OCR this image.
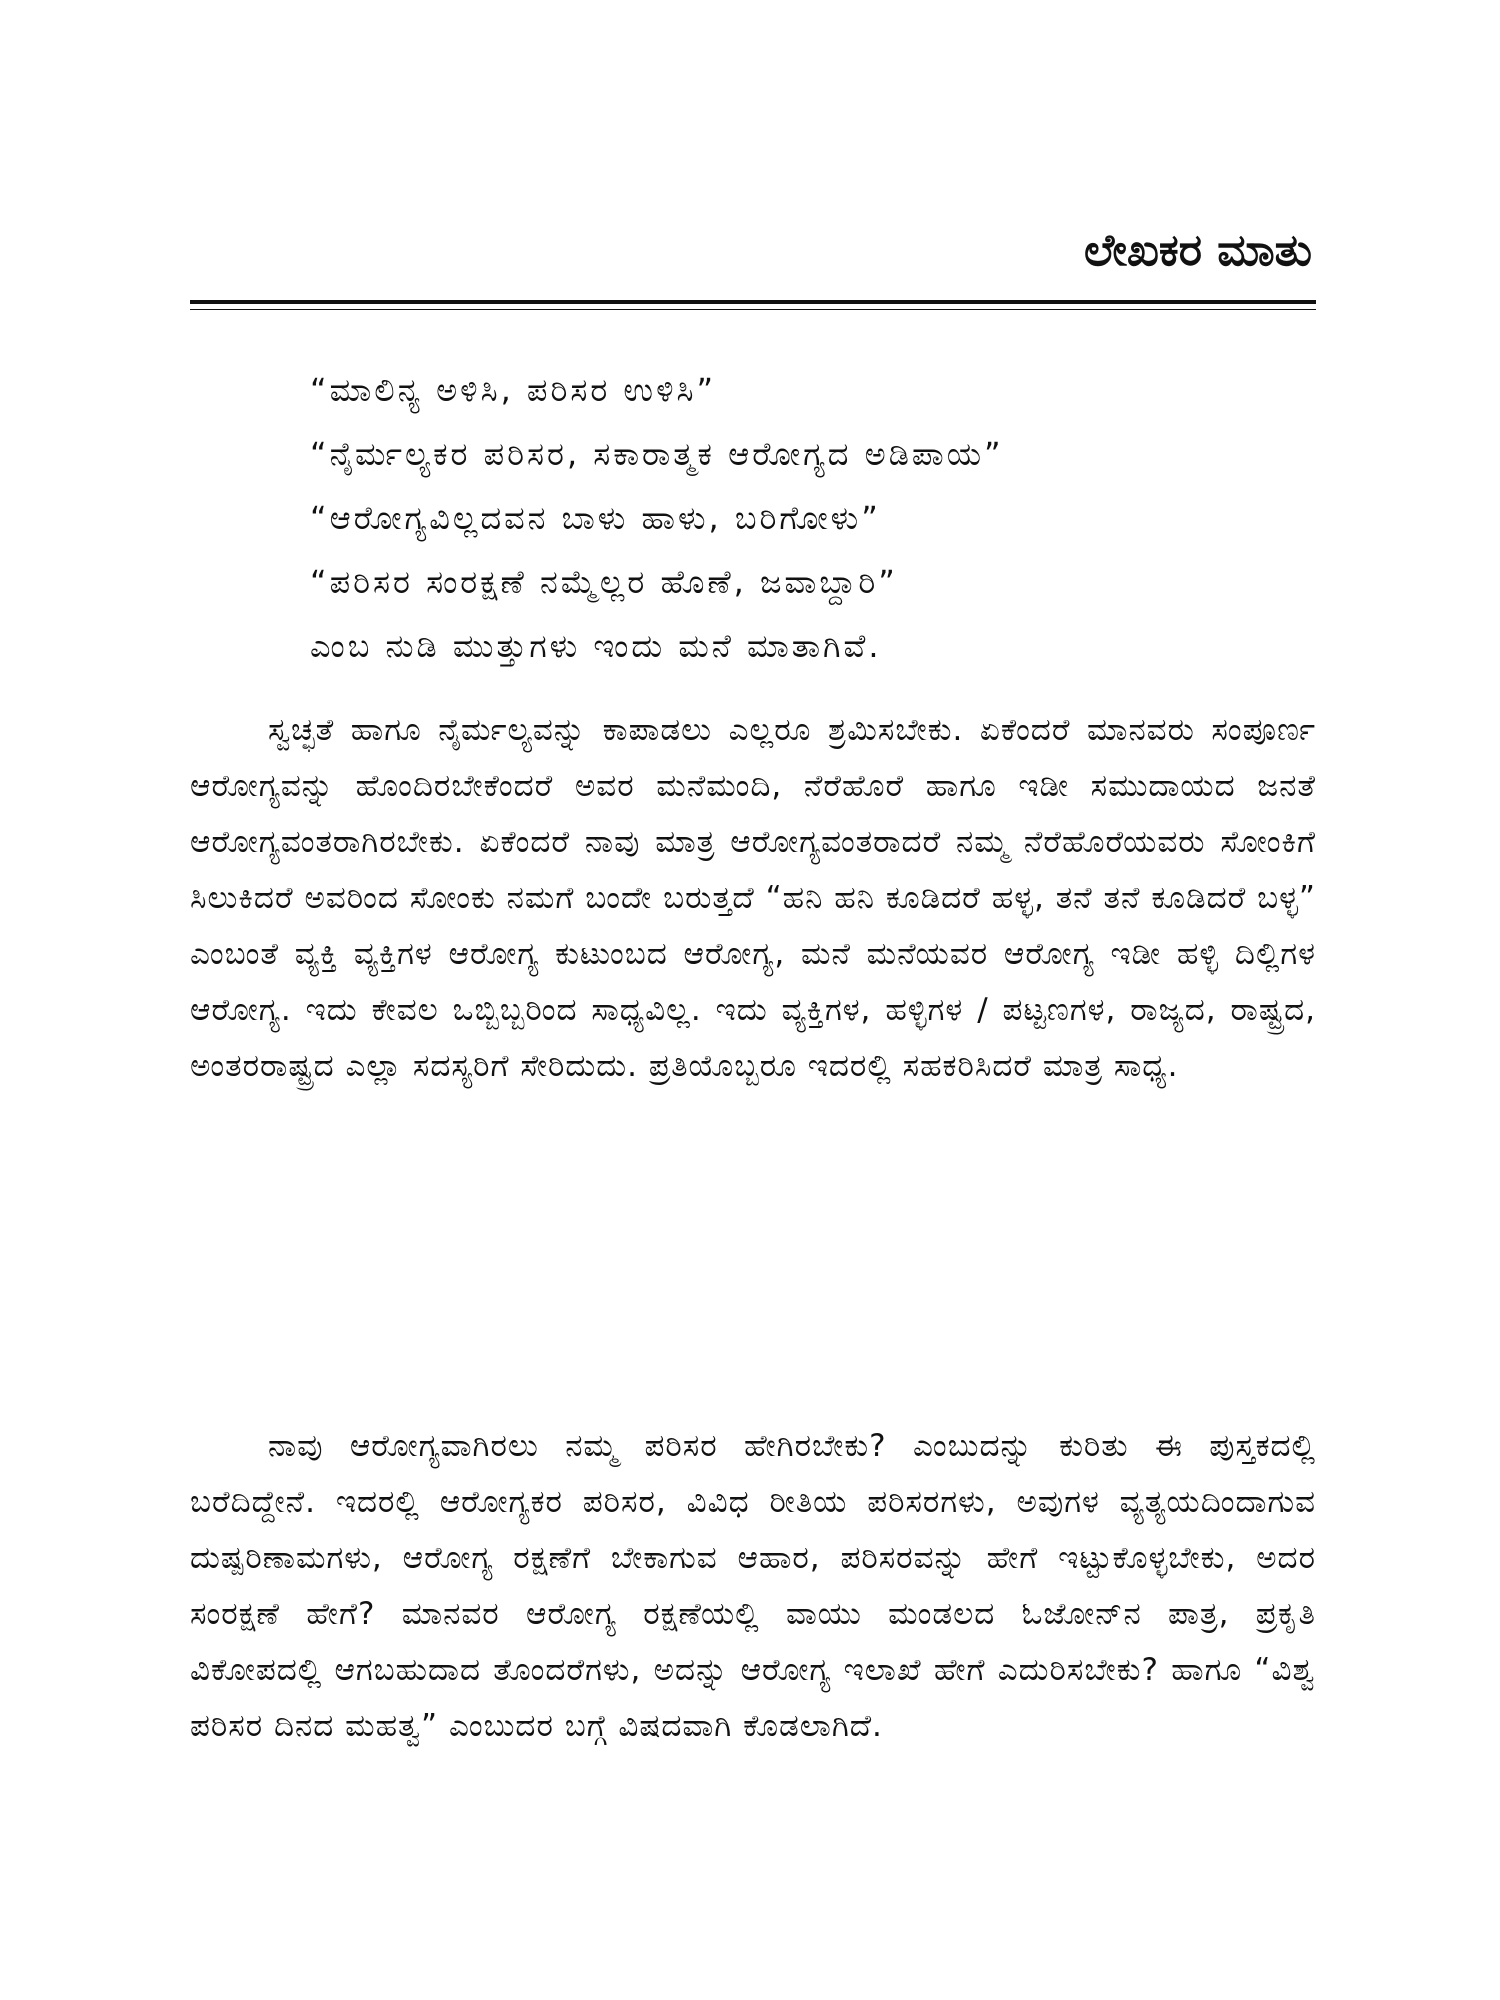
ಲೇಖಕರ ಮಾತು
“ಮಾಲಿನ್ಯ ಅಳಿಸಿ, ಪರಿಸರ ಉಳಿಸಿ”
“ನೈರ್ಮಲ್ಯಕರ ಪರಿಸರ, ಸಕಾರಾತ್ಮಕ ಆರೋಗ್ಯದ ಅಡಿಪಾಯ”
“ಆರೋಗ್ಯವಿಲ್ಲದವನ ಬಾಳು ಹಾಳು, ಬರಿಗೋಳು”
“ಪರಿಸರ ಸಂರಕ್ಷಣೆ ನಮ್ಮೆಲ್ಲರ ಹೊಣೆ, ಜವಾಬ್ದಾರಿ”
ಎಂಬ ನುಡಿ ಮುತ್ತುಗಳು ಇಂದು ಮನೆ ಮಾತಾಗಿವೆ.

ಸ್ವಚ್ಛತೆ ಹಾಗೂ ನೈರ್ಮಲ್ಯವನ್ನು ಕಾಪಾಡಲು ಎಲ್ಲರೂ ಶ್ರಮಿಸಬೇಕು. ಏಕೆಂದರೆ ಮಾನವರು ಸಂಪೂರ್ಣ ಆರೋಗ್ಯವನ್ನು ಹೊಂದಿರಬೇಕೆಂದರೆ ಅವರ ಮನೆಮಂದಿ, ನೆರೆಹೊರೆ ಹಾಗೂ ಇಡೀ ಸಮುದಾಯದ ಜನತೆ ಆರೋಗ್ಯವಂತರಾಗಿರಬೇಕು. ಏಕೆಂದರೆ ನಾವು ಮಾತ್ರ ಆರೋಗ್ಯವಂತರಾದರೆ ನಮ್ಮ ನೆರೆಹೊರೆಯವರು ಸೋಂಕಿಗೆ ಸಿಲುಕಿದರೆ ಅವರಿಂದ ಸೋಂಕು ನಮಗೆ ಬಂದೇ ಬರುತ್ತದೆ “ಹನಿ ಹನಿ ಕೂಡಿದರೆ ಹಳ್ಳ, ತನೆ ತನೆ ಕೂಡಿದರೆ ಬಳ್ಳ” ಎಂಬಂತೆ ವ್ಯಕ್ತಿ ವ್ಯಕ್ತಿಗಳ ಆರೋಗ್ಯ ಕುಟುಂಬದ ಆರೋಗ್ಯ, ಮನೆ ಮನೆಯವರ ಆರೋಗ್ಯ ಇಡೀ ಹಳ್ಳಿ ದಿಲ್ಲಿಗಳ ಆರೋಗ್ಯ. ಇದು ಕೇವಲ ಒಬ್ಬಿಬ್ಬರಿಂದ ಸಾಧ್ಯವಿಲ್ಲ. ಇದು ವ್ಯಕ್ತಿಗಳ, ಹಳ್ಳಿಗಳ / ಪಟ್ಟಣಗಳ, ರಾಜ್ಯದ, ರಾಷ್ಟ್ರದ, ಅಂತರರಾಷ್ಟ್ರದ ಎಲ್ಲಾ ಸದಸ್ಯರಿಗೆ ಸೇರಿದುದು. ಪ್ರತಿಯೊಬ್ಬರೂ ಇದರಲ್ಲಿ ಸಹಕರಿಸಿದರೆ ಮಾತ್ರ ಸಾಧ್ಯ.

ನಾವು ಆರೋಗ್ಯವಾಗಿರಲು ನಮ್ಮ ಪರಿಸರ ಹೇಗಿರಬೇಕು? ಎಂಬುದನ್ನು ಕುರಿತು ಈ ಪುಸ್ತಕದಲ್ಲಿ ಬರೆದಿದ್ದೇನೆ. ಇದರಲ್ಲಿ ಆರೋಗ್ಯಕರ ಪರಿಸರ, ವಿವಿಧ ರೀತಿಯ ಪರಿಸರಗಳು, ಅವುಗಳ ವ್ಯತ್ಯಯದಿಂದಾಗುವ ದುಷ್ಪರಿಣಾಮಗಳು, ಆರೋಗ್ಯ ರಕ್ಷಣೆಗೆ ಬೇಕಾಗುವ ಆಹಾರ, ಪರಿಸರವನ್ನು ಹೇಗೆ ಇಟ್ಟುಕೊಳ್ಳಬೇಕು, ಅದರ ಸಂರಕ್ಷಣೆ ಹೇಗೆ? ಮಾನವರ ಆರೋಗ್ಯ ರಕ್ಷಣೆಯಲ್ಲಿ ವಾಯು ಮಂಡಲದ ಓಜೋನ್‌ನ ಪಾತ್ರ, ಪ್ರಕೃತಿ ವಿಕೋಪದಲ್ಲಿ ಆಗಬಹುದಾದ ತೊಂದರೆಗಳು, ಅದನ್ನು ಆರೋಗ್ಯ ಇಲಾಖೆ ಹೇಗೆ ಎದುರಿಸಬೇಕು? ಹಾಗೂ “ವಿಶ್ವ ಪರಿಸರ ದಿನದ ಮಹತ್ವ” ಎಂಬುದರ ಬಗ್ಗೆ ವಿಷದವಾಗಿ ಕೊಡಲಾಗಿದೆ.
